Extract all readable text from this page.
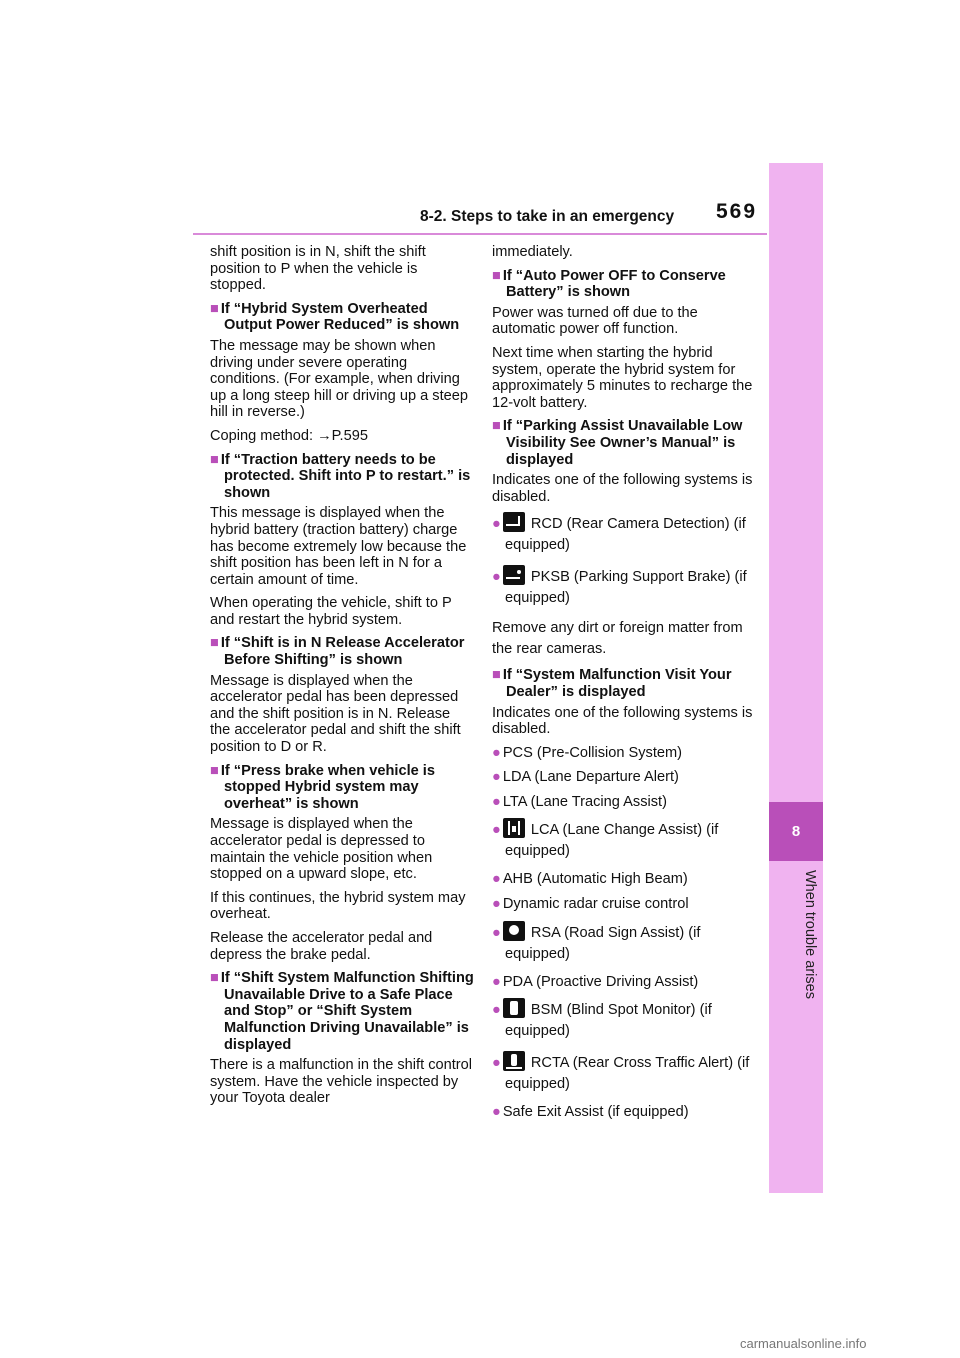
8-2. Steps to take in an emergency 569
8
When trouble arises

shift position is in N, shift the shift position to P when the vehicle is stopped.

■ If “Hybrid System Overheated Output Power Reduced” is shown

The message may be shown when driving under severe operating conditions. (For example, when driving up a long steep hill or driving up a steep hill in reverse.)

Coping method: →P.595

■ If “Traction battery needs to be protected. Shift into P to restart.” is shown

This message is displayed when the hybrid battery (traction battery) charge has become extremely low because the shift position has been left in N for a certain amount of time.

When operating the vehicle, shift to P and restart the hybrid system.

■ If “Shift is in N Release Accelerator Before Shifting” is shown

Message is displayed when the accelerator pedal has been depressed and the shift position is in N. Release the accelerator pedal and shift the shift position to D or R.

■ If “Press brake when vehicle is stopped Hybrid system may overheat” is shown

Message is displayed when the accelerator pedal is depressed to maintain the vehicle position when stopped on a upward slope, etc.

If this continues, the hybrid system may overheat.

Release the accelerator pedal and depress the brake pedal.

■ If “Shift System Malfunction Shifting Unavailable Drive to a Safe Place and Stop” or “Shift System Malfunction Driving Unavailable” is displayed

There is a malfunction in the shift control system. Have the vehicle inspected by your Toyota dealer

immediately.

■ If “Auto Power OFF to Conserve Battery” is shown

Power was turned off due to the automatic power off function.

Next time when starting the hybrid system, operate the hybrid system for approximately 5 minutes to recharge the 12-volt battery.

■ If “Parking Assist Unavailable Low Visibility See Owner’s Manual” is displayed

Indicates one of the following systems is disabled.

● RCD (Rear Camera Detection) (if equipped)

● PKSB (Parking Support Brake) (if equipped)

Remove any dirt or foreign matter from the rear cameras.

■ If “System Malfunction Visit Your Dealer” is displayed

Indicates one of the following systems is disabled.

● PCS (Pre-Collision System)

● LDA (Lane Departure Alert)

● LTA (Lane Tracing Assist)

● LCA (Lane Change Assist) (if equipped)

● AHB (Automatic High Beam)

● Dynamic radar cruise control

● RSA (Road Sign Assist) (if equipped)

● PDA (Proactive Driving Assist)

● BSM (Blind Spot Monitor) (if equipped)

● RCTA (Rear Cross Traffic Alert) (if equipped)

● Safe Exit Assist (if equipped)

carmanualsonline.info
